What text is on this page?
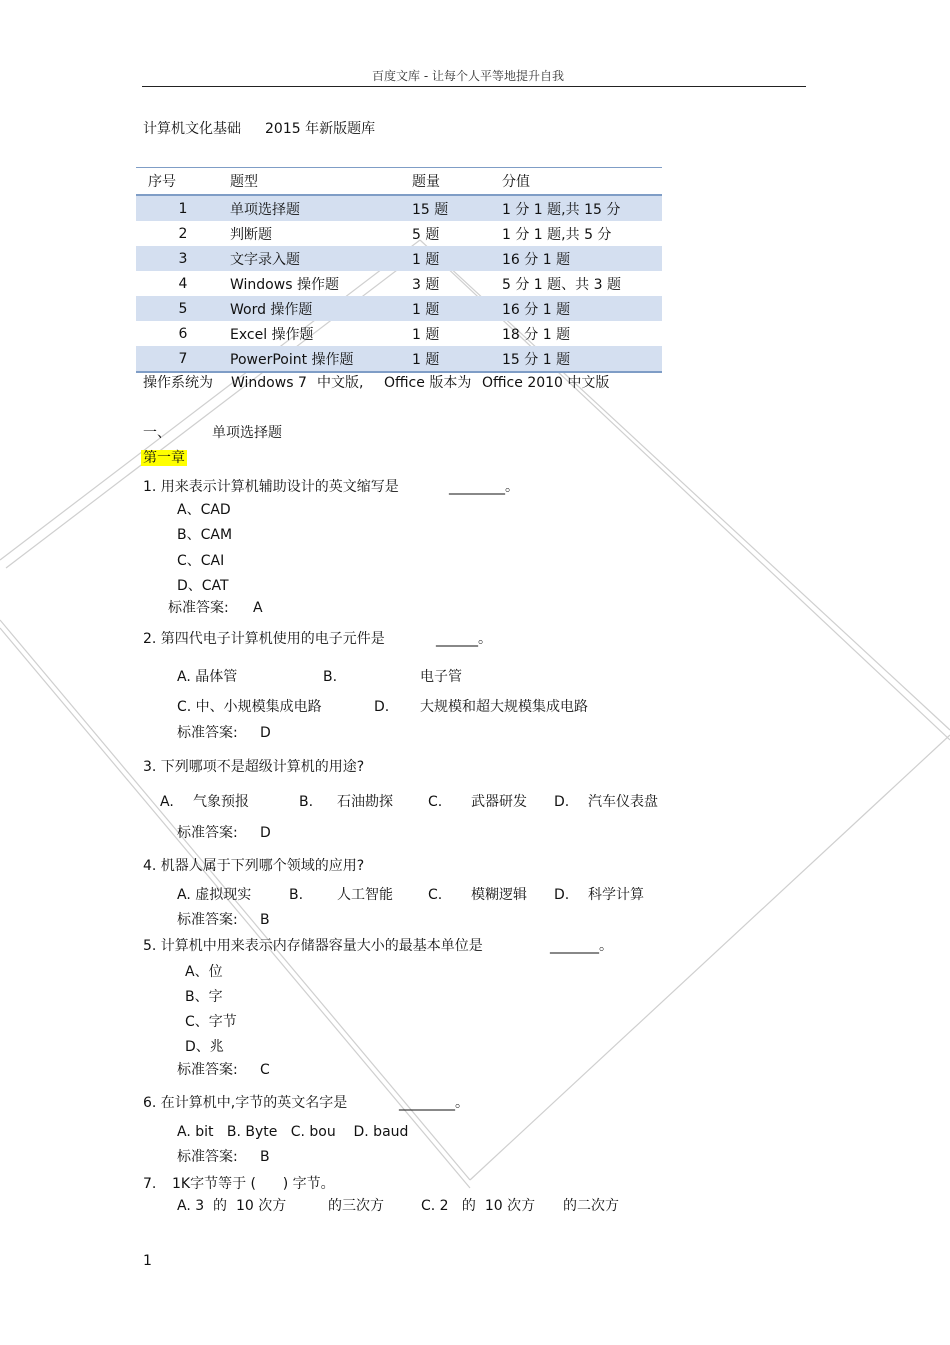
百度文库 - 让每个人平等地提升自我
计算机文化基础 2015 年新版题库
序号	题型	题量	分值
1	单项选择题	15 题	1 分 1 题,共 15 分
2	判断题	5 题	1 分 1 题,共 5 分
3	文字录入题	1 题	16 分 1 题
4	Windows 操作题	3 题	5 分 1 题、共 3 题
5	Word 操作题	1 题	16 分 1 题
6	Excel 操作题	1 题	18 分 1 题
7	PowerPoint 操作题	1 题	15 分 1 题
操作系统为 Windows 7 中文版, Office 版本为 Office 2010 中文版
一、	单项选择题
第一章
1. 用来表示计算机辅助设计的英文缩写是	________。
A、CAD
B、CAM
C、CAI
D、CAT
标准答案: A
2. 第四代电子计算机使用的电子元件是	______。
A. 晶体管	B.	电子管
C. 中、小规模集成电路	D. 大规模和超大规模集成电路
标准答案: D
3. 下列哪项不是超级计算机的用途?
A. 气象预报	B. 石油勘探	C. 武器研发 D. 汽车仪表盘
标准答案: D
4. 机器人属于下列哪个领域的应用?
A. 虚拟现实	B. 人工智能	C. 模糊逻辑 D. 科学计算
标准答案: B
5. 计算机中用来表示内存储器容量大小的最基本单位是	_______。
A、位
B、字
C、字节
D、兆
标准答案: C
6. 在计算机中,字节的英文名字是	________。
A. bit   B. Byte   C. bou    D. baud
标准答案: B
7. 1K字节等于 (      ) 字节。
A. 3  的  10 次方	的三次方	C. 2   的  10 次方 的二次方
1
